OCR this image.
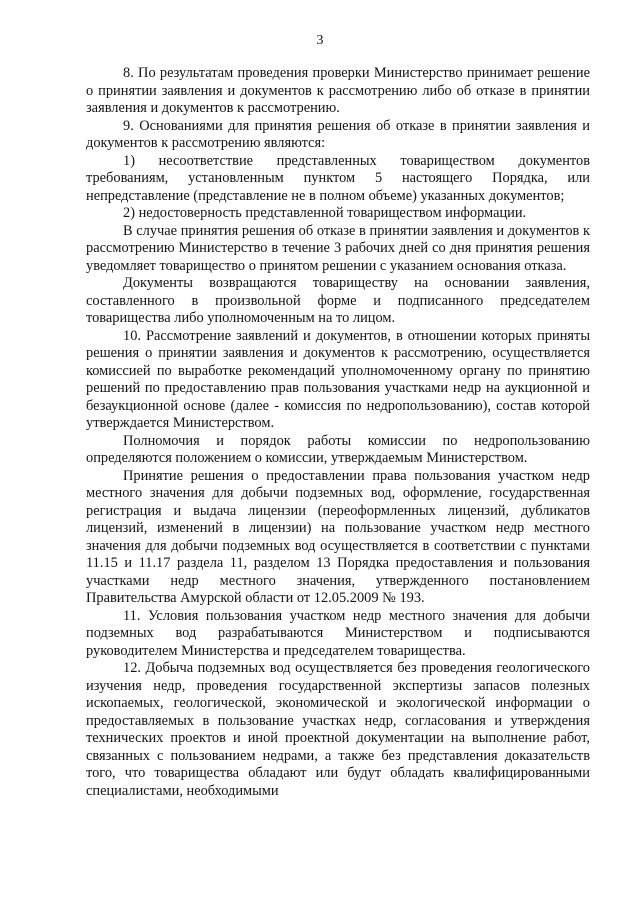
3

8. По результатам проведения проверки Министерство принимает решение о принятии заявления и документов к рассмотрению либо об отказе в принятии заявления и документов к рассмотрению.

9. Основаниями для принятия решения об отказе в принятии заявления и документов к рассмотрению являются:

1) несоответствие представленных товариществом документов требованиям, установленным пунктом 5 настоящего Порядка, или непредставление (представление не в полном объеме) указанных документов;

2) недостоверность представленной товариществом информации.

В случае принятия решения об отказе в принятии заявления и документов к рассмотрению Министерство в течение 3 рабочих дней со дня принятия решения уведомляет товарищество о принятом решении с указанием основания отказа.

Документы возвращаются товариществу на основании заявления, составленного в произвольной форме и подписанного председателем товарищества либо уполномоченным на то лицом.

10. Рассмотрение заявлений и документов, в отношении которых приняты решения о принятии заявления и документов к рассмотрению, осуществляется комиссией по выработке рекомендаций уполномоченному органу по принятию решений по предоставлению прав пользования участками недр на аукционной и безаукционной основе (далее - комиссия по недропользованию), состав которой утверждается Министерством.

Полномочия и порядок работы комиссии по недропользованию определяются положением о комиссии, утверждаемым Министерством.

Принятие решения о предоставлении права пользования участком недр местного значения для добычи подземных вод, оформление, государственная регистрация и выдача лицензии (переоформленных лицензий, дубликатов лицензий, изменений в лицензии) на пользование участком недр местного значения для добычи подземных вод осуществляется в соответствии с пунктами 11.15 и 11.17 раздела 11, разделом 13 Порядка предоставления и пользования участками недр местного значения, утвержденного постановлением Правительства Амурской области от 12.05.2009 № 193.

11. Условия пользования участком недр местного значения для добычи подземных вод разрабатываются Министерством и подписываются руководителем Министерства и председателем товарищества.

12. Добыча подземных вод осуществляется без проведения геологического изучения недр, проведения государственной экспертизы запасов полезных ископаемых, геологической, экономической и экологической информации о предоставляемых в пользование участках недр, согласования и утверждения технических проектов и иной проектной документации на выполнение работ, связанных с пользованием недрами, а также без представления доказательств того, что товарищества обладают или будут обладать квалифицированными специалистами, необходимыми
